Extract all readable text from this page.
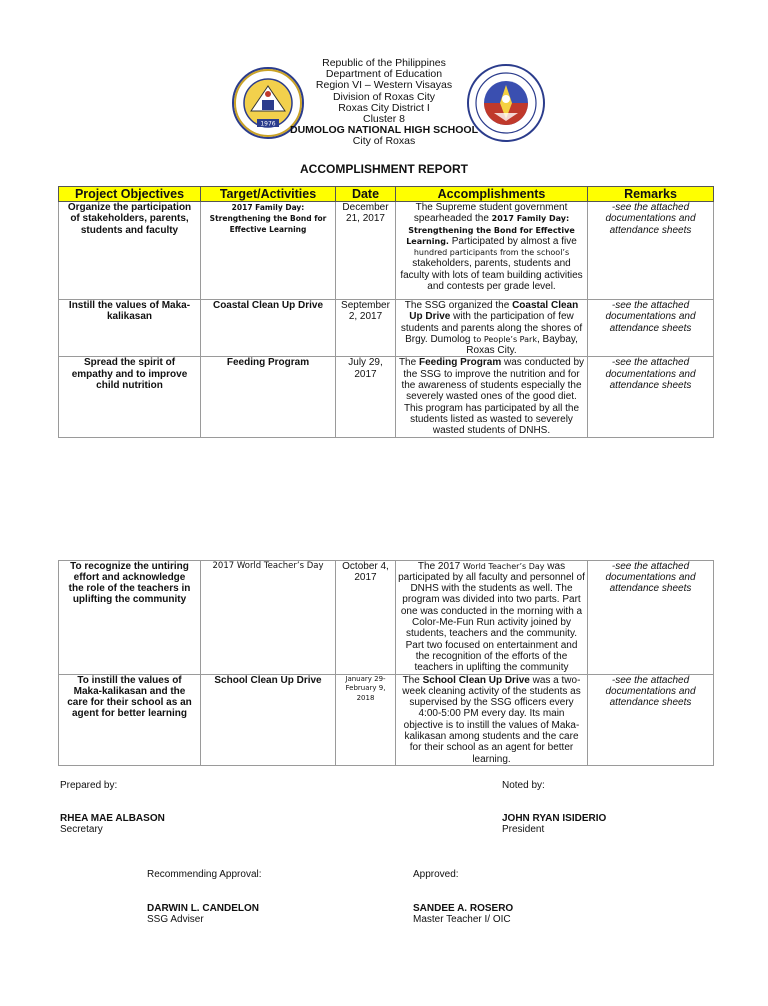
1976
Republic of the Philippines
Department of Education
Region VI – Western Visayas
Division of Roxas City
Roxas City District I
Cluster 8
DUMOLOG NATIONAL HIGH SCHOOL
City of Roxas
ACCOMPLISHMENT REPORT
Project Objectives	Target/Activities	Date	Accomplishments	Remarks
Organize the participation of stakeholders, parents, students and faculty	2017 Family Day: Strengthening the Bond for Effective Learning	December 21, 2017	The Supreme student government spearheaded the 2017 Family Day: Strengthening the Bond for Effective Learning. Participated by almost a five hundred participants from the school’s stakeholders, parents, students and faculty with lots of team building activities and contests per grade level.	-see the attached documentations and attendance sheets
Instill the values of Maka-kalikasan	Coastal Clean Up Drive	September 2, 2017	The SSG organized the Coastal Clean Up Drive with the participation of few students and parents along the shores of Brgy. Dumolog to People’s Park, Baybay, Roxas City.	-see the attached documentations and attendance sheets
Spread the spirit of empathy and to improve child nutrition	Feeding Program	July 29, 2017	The Feeding Program was conducted by the SSG to improve the nutrition and for the awareness of students especially the severely wasted ones of the good diet. This program has participated by all the students listed as wasted to severely wasted students of DNHS.	-see the attached documentations and attendance sheets

To recognize the untiring effort and acknowledge the role of the teachers in uplifting the community	2017 World Teacher’s Day	October 4, 2017	The 2017 World Teacher’s Day was participated by all faculty and personnel of DNHS with the students as well. The program was divided into two parts. Part one was conducted in the morning with a Color-Me-Fun Run activity joined by students, teachers and the community. Part two focused on entertainment and the recognition of the efforts of the teachers in uplifting the community	-see the attached documentations and attendance sheets
To instill the values of Maka-kalikasan and the care for their school as an agent for better learning	School Clean Up Drive	January 29- February 9, 2018	The School Clean Up Drive was a two-week cleaning activity of the students as supervised by the SSG officers every 4:00-5:00 PM every day. Its main objective is to instill the values of Maka-kalikasan among students and the care for their school as an agent for better learning.	-see the attached documentations and attendance sheets
Prepared by:	Noted by:
RHEA MAE ALBASON
Secretary
JOHN RYAN ISIDERIO
President
Recommending Approval:	Approved:
DARWIN L. CANDELON
SSG Adviser
SANDEE A. ROSERO
Master Teacher I/ OIC
